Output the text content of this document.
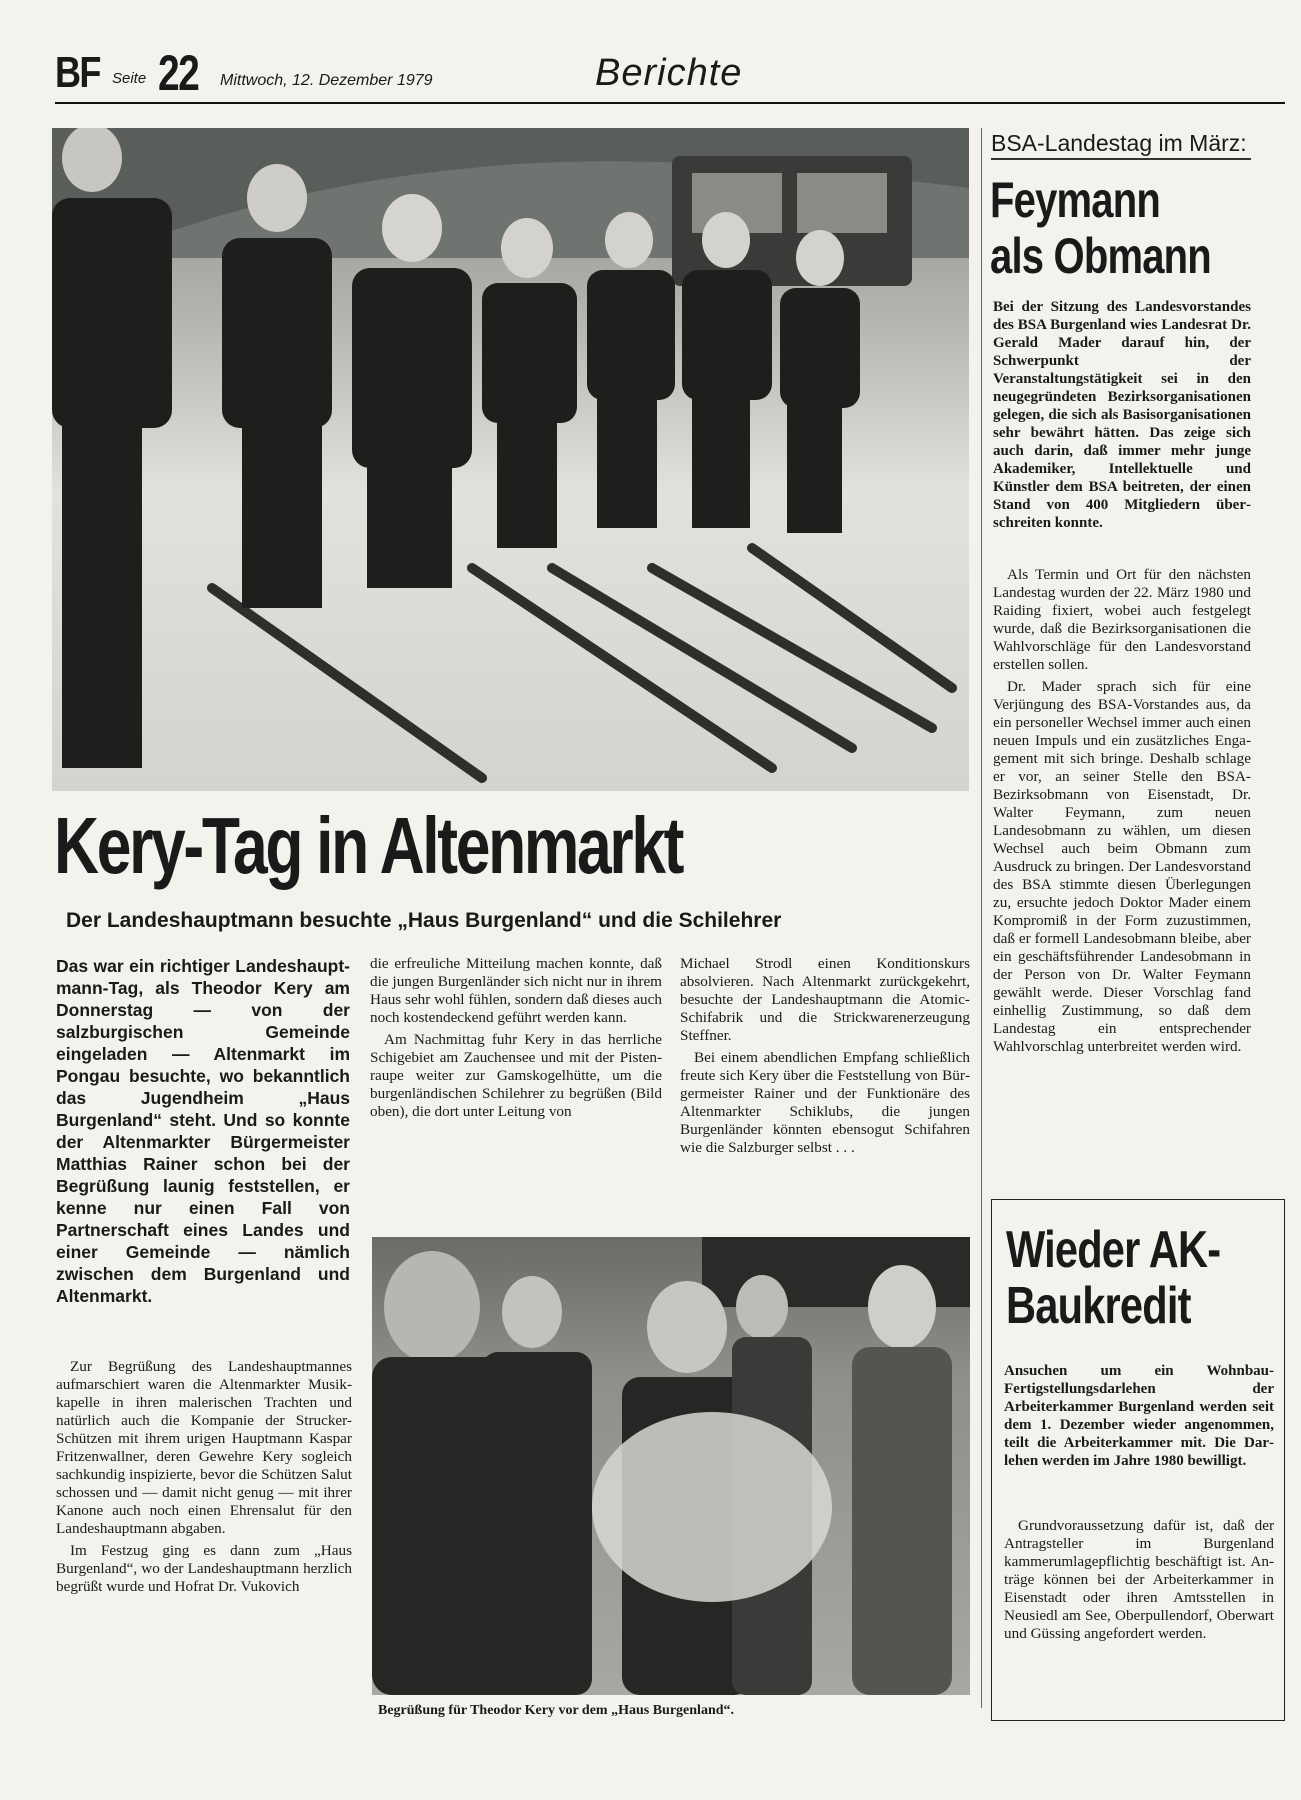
BF Seite 22 Mittwoch, 12. Dezember 1979	Berichte
Kery-Tag in Altenmarkt
Der Landeshauptmann besuchte „Haus Burgenland“ und die Schilehrer
Das war ein richtiger Landeshauptmann-Tag, als Theodor Kery am Donnerstag — von der salzburgischen Gemeinde eingeladen — Altenmarkt im Pongau besuchte, wo bekanntlich das Jugendheim „Haus Burgenland“ steht. Und so konnte der Altenmarkter Bürgermeister Matthias Rainer schon bei der Begrüßung launig feststellen, er kenne nur einen Fall von Partnerschaft eines Landes und einer Gemeinde — nämlich zwischen dem Burgenland und Altenmarkt.

Zur Begrüßung des Landeshauptmannes aufmarschiert waren die Altenmarkter Musikkapelle in ihren malerischen Trachten und natürlich auch die Kompanie der Strucker-Schützen mit ihrem urigen Hauptmann Kaspar Fritzenwallner, deren Gewehre Kery sogleich sachkundig inspizierte, bevor die Schützen Salut schossen und — damit nicht genug — mit ihrer Kanone auch noch einen Ehrensalut für den Landeshauptmann abgaben.

Im Festzug ging es dann zum „Haus Burgenland“, wo der Landeshauptmann herzlich begrüßt wurde und Hofrat Dr. Vukovich

die erfreuliche Mitteilung machen konnte, daß die jungen Burgenländer sich nicht nur in ihrem Haus sehr wohl fühlen, sondern daß dieses auch noch kostendeckend geführt werden kann.

Am Nachmittag fuhr Kery in das herrliche Schigebiet am Zauchensee und mit der Pistenraupe weiter zur Gamskogelhütte, um die burgenländischen Schilehrer zu begrüßen (Bild oben), die dort unter Leitung von

Michael Strodl einen Konditionskurs absolvieren. Nach Altenmarkt zurückgekehrt, besuchte der Landeshauptmann die Atomic-Schifabrik und die Strickwarenerzeugung Steffner.

Bei einem abendlichen Empfang schließlich freute sich Kery über die Feststellung von Bürgermeister Rainer und der Funktionäre des Altenmarkter Schiklubs, die jungen Burgenländer könnten ebensogut Schifahren wie die Salzburger selbst . . .

Begrüßung für Theodor Kery vor dem „Haus Burgenland“.
BSA-Landestag im März:
Feymann
als Obmann
Bei der Sitzung des Landesvorstandes des BSA Burgenland wies Landesrat Dr. Gerald Mader darauf hin, der Schwerpunkt der Veranstaltungstätigkeit sei in den neugegründeten Bezirksorganisationen gelegen, die sich als Basisorganisationen sehr bewährt hätten. Das zeige sich auch darin, daß immer mehr junge Akademiker, Intellektuelle und Künstler dem BSA beitreten, der einen Stand von 400 Mitgliedern überschreiten konnte.

Als Termin und Ort für den nächsten Landestag wurden der 22. März 1980 und Raiding fixiert, wobei auch festgelegt wurde, daß die Bezirksorganisationen die Wahlvorschläge für den Landesvorstand erstellen sollen.

Dr. Mader sprach sich für eine Verjüngung des BSA-Vorstandes aus, da ein personeller Wechsel immer auch einen neuen Impuls und ein zusätzliches Engagement mit sich bringe. Deshalb schlage er vor, an seiner Stelle den BSA-Bezirksobmann von Eisenstadt, Dr. Walter Feymann, zum neuen Landesobmann zu wählen, um diesen Wechsel auch beim Obmann zum Ausdruck zu bringen. Der Landesvorstand des BSA stimmte diesen Überlegungen zu, ersuchte jedoch Doktor Mader einem Kompromiß in der Form zuzustimmen, daß er formell Landesobmann bleibe, aber ein geschäftsführender Landesobmann in der Person von Dr. Walter Feymann gewählt werde. Dieser Vorschlag fand einhellig Zustimmung, so daß dem Landestag ein entsprechender Wahlvorschlag unterbreitet werden wird.

Wieder AK-
Baukredit
Ansuchen um ein Wohnbau-Fertigstellungsdarlehen der Arbeiterkammer Burgenland werden seit dem 1. Dezember wieder angenommen, teilt die Arbeiterkammer mit. Die Darlehen werden im Jahre 1980 bewilligt.

Grundvoraussetzung dafür ist, daß der Antragsteller im Burgenland kammerumlagepflichtig beschäftigt ist. Anträge können bei der Arbeiterkammer in Eisenstadt oder ihren Amtsstellen in Neusiedl am See, Oberpullendorf, Oberwart und Güssing angefordert werden.
